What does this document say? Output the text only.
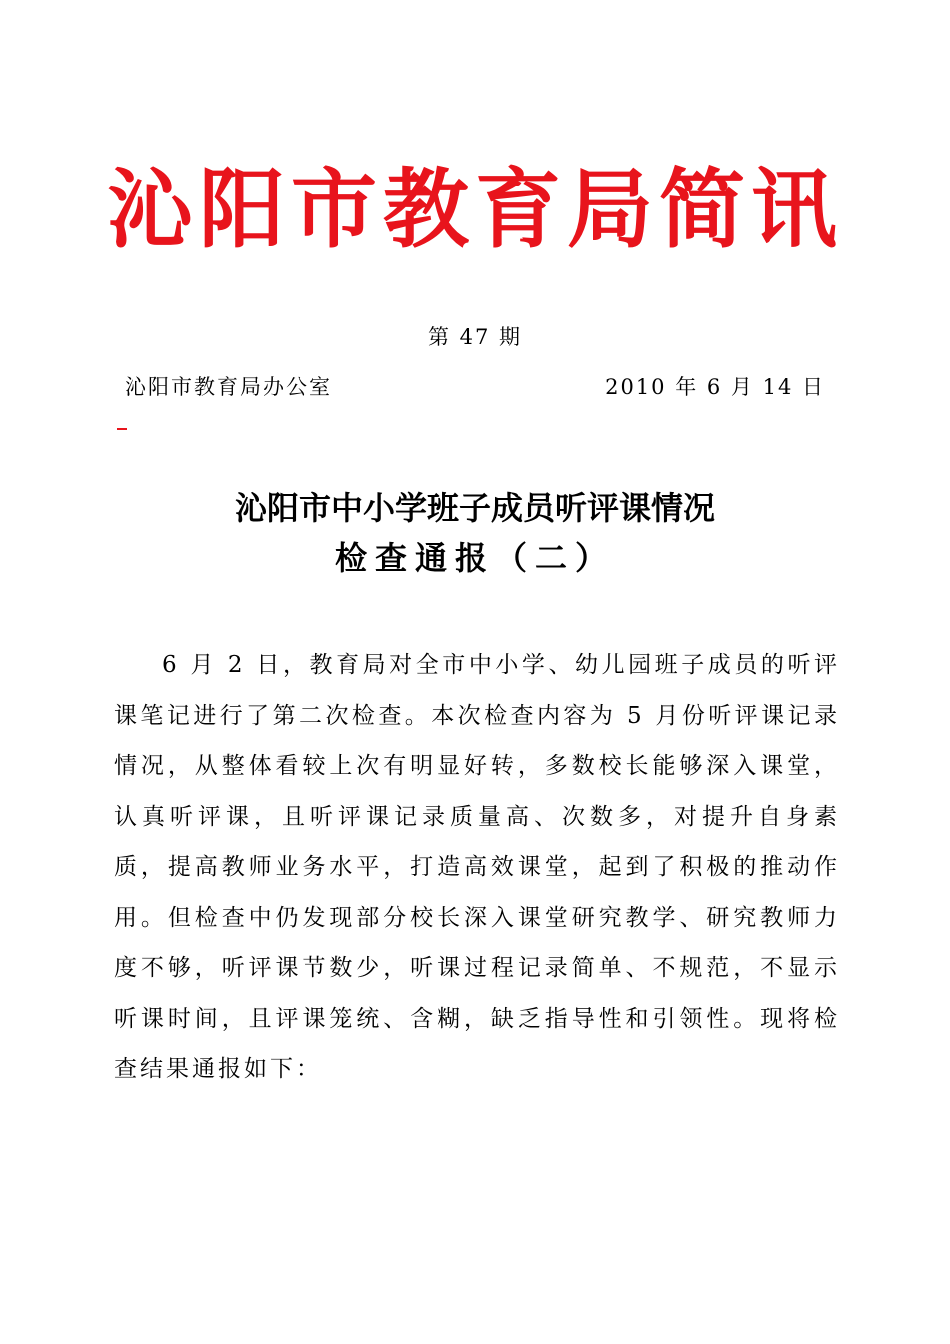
沁阳市教育局简讯
第 47 期
沁阳市教育局办公室	2010 年 6 月 14 日
沁阳市中小学班子成员听评课情况
检查通报（二）

6 月 2 日，教育局对全市中小学、幼儿园班子成员的听评课笔记进行了第二次检查。本次检查内容为 5 月份听评课记录情况，从整体看较上次有明显好转，多数校长能够深入课堂，认真听评课，且听评课记录质量高、次数多，对提升自身素质，提高教师业务水平，打造高效课堂，起到了积极的推动作用。但检查中仍发现部分校长深入课堂研究教学、研究教师力度不够，听评课节数少，听课过程记录简单、不规范，不显示听课时间，且评课笼统、含糊，缺乏指导性和引领性。现将检查结果通报如下：
